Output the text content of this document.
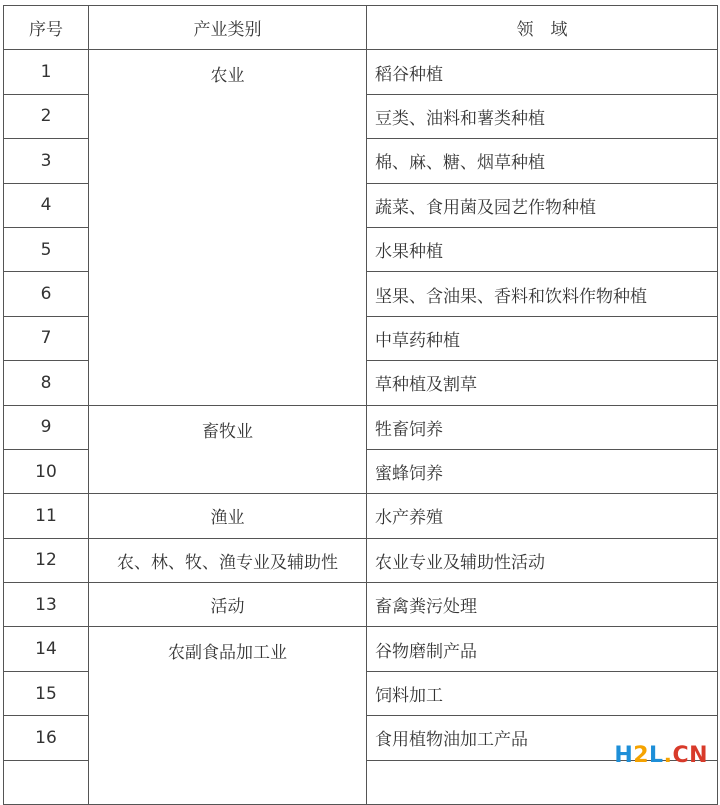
序号	产业类别	领　域
1	农业	稻谷种植
2		豆类、油料和薯类种植
3		棉、麻、糖、烟草种植
4		蔬菜、食用菌及园艺作物种植
5		水果种植
6		坚果、含油果、香料和饮料作物种植
7		中草药种植
8		草种植及割草
9	畜牧业	牲畜饲养
10		蜜蜂饲养
11	渔业	水产养殖
12	农、林、牧、渔专业及辅助性	农业专业及辅助性活动
13	活动	畜禽粪污处理
14	农副食品加工业	谷物磨制产品
15		饲料加工
16		食用植物油加工产品

H2L.CN
